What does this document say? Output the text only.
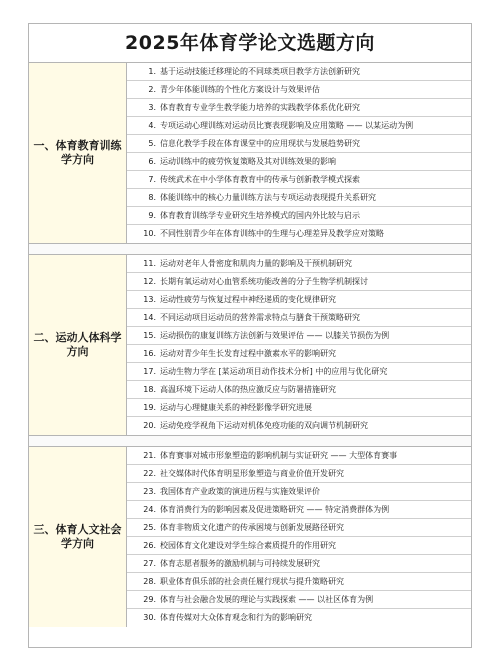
2025年体育学论文选题方向
一、体育教育训练学方向
1. 基于运动技能迁移理论的不同球类项目教学方法创新研究
2. 青少年体能训练的个性化方案设计与效果评估
3. 体育教育专业学生教学能力培养的实践教学体系优化研究
4. 专项运动心理训练对运动员比赛表现影响及应用策略 —— 以某运动为例
5. 信息化教学手段在体育课堂中的应用现状与发展趋势研究
6. 运动训练中的疲劳恢复策略及其对训练效果的影响
7. 传统武术在中小学体育教育中的传承与创新教学模式探索
8. 体能训练中的核心力量训练方法与专项运动表现提升关系研究
9. 体育教育训练学专业研究生培养模式的国内外比较与启示
10. 不同性别青少年在体育训练中的生理与心理差异及教学应对策略
二、运动人体科学方向
11. 运动对老年人骨密度和肌肉力量的影响及干预机制研究
12. 长期有氧运动对心血管系统功能改善的分子生物学机制探讨
13. 运动性疲劳与恢复过程中神经递质的变化规律研究
14. 不同运动项目运动员的营养需求特点与膳食干预策略研究
15. 运动损伤的康复训练方法创新与效果评估 —— 以膝关节损伤为例
16. 运动对青少年生长发育过程中激素水平的影响研究
17. 运动生物力学在 [某运动项目动作技术分析] 中的应用与优化研究
18. 高温环境下运动人体的热应激反应与防暑措施研究
19. 运动与心理健康关系的神经影像学研究进展
20. 运动免疫学视角下运动对机体免疫功能的双向调节机制研究
三、体育人文社会学方向
21. 体育赛事对城市形象塑造的影响机制与实证研究 —— 大型体育赛事
22. 社交媒体时代体育明星形象塑造与商业价值开发研究
23. 我国体育产业政策的演进历程与实施效果评价
24. 体育消费行为的影响因素及促进策略研究 —— 特定消费群体为例
25. 体育非物质文化遗产的传承困境与创新发展路径研究
26. 校园体育文化建设对学生综合素质提升的作用研究
27. 体育志愿者服务的激励机制与可持续发展研究
28. 职业体育俱乐部的社会责任履行现状与提升策略研究
29. 体育与社会融合发展的理论与实践探索 —— 以社区体育为例
30. 体育传媒对大众体育观念和行为的影响研究
